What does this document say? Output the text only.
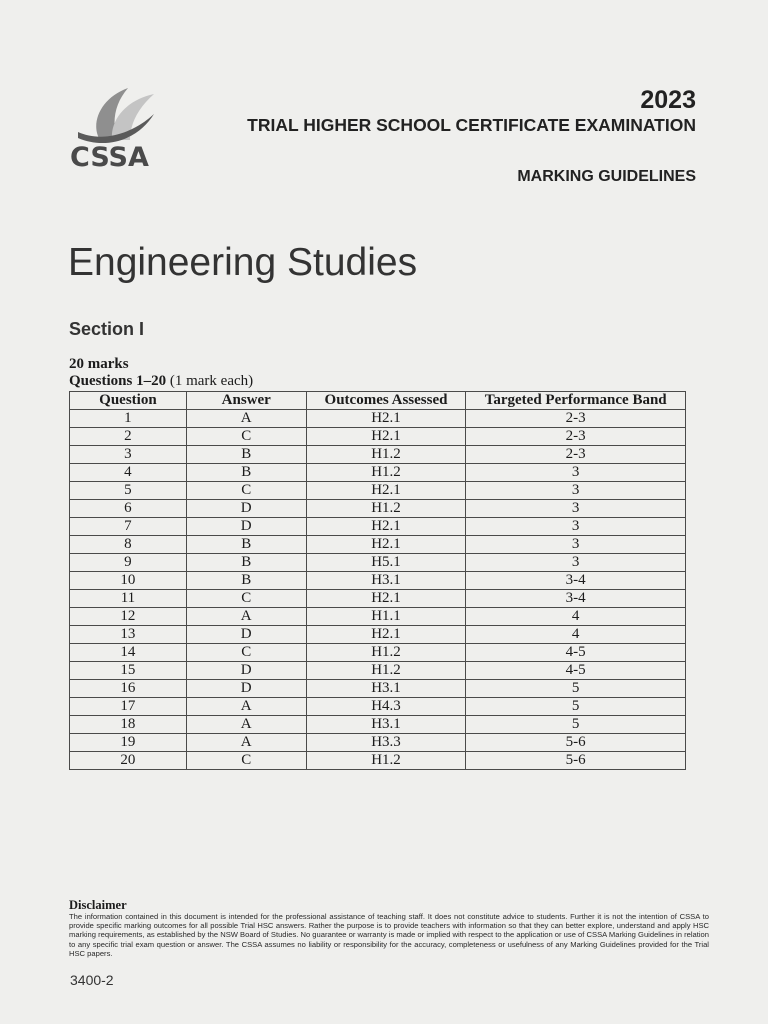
CSSA
2023
TRIAL HIGHER SCHOOL CERTIFICATE EXAMINATION
MARKING GUIDELINES
Engineering Studies
Section I
20 marks
Questions 1–20 (1 mark each)
Question	Answer	Outcomes Assessed	Targeted Performance Band
1	A	H2.1	2-3
2	C	H2.1	2-3
3	B	H1.2	2-3
4	B	H1.2	3
5	C	H2.1	3
6	D	H1.2	3
7	D	H2.1	3
8	B	H2.1	3
9	B	H5.1	3
10	B	H3.1	3-4
11	C	H2.1	3-4
12	A	H1.1	4
13	D	H2.1	4
14	C	H1.2	4-5
15	D	H1.2	4-5
16	D	H3.1	5
17	A	H4.3	5
18	A	H3.1	5
19	A	H3.3	5-6
20	C	H1.2	5-6
Disclaimer
The information contained in this document is intended for the professional assistance of teaching staff. It does not constitute advice to students. Further it is not the intention of CSSA to provide specific marking outcomes for all possible Trial HSC answers. Rather the purpose is to provide teachers with information so that they can better explore, understand and apply HSC marking requirements, as established by the NSW Board of Studies. No guarantee or warranty is made or implied with respect to the application or use of CSSA Marking Guidelines in relation to any specific trial exam question or answer. The CSSA assumes no liability or responsibility for the accuracy, completeness or usefulness of any Marking Guidelines provided for the Trial HSC papers.
3400-2
